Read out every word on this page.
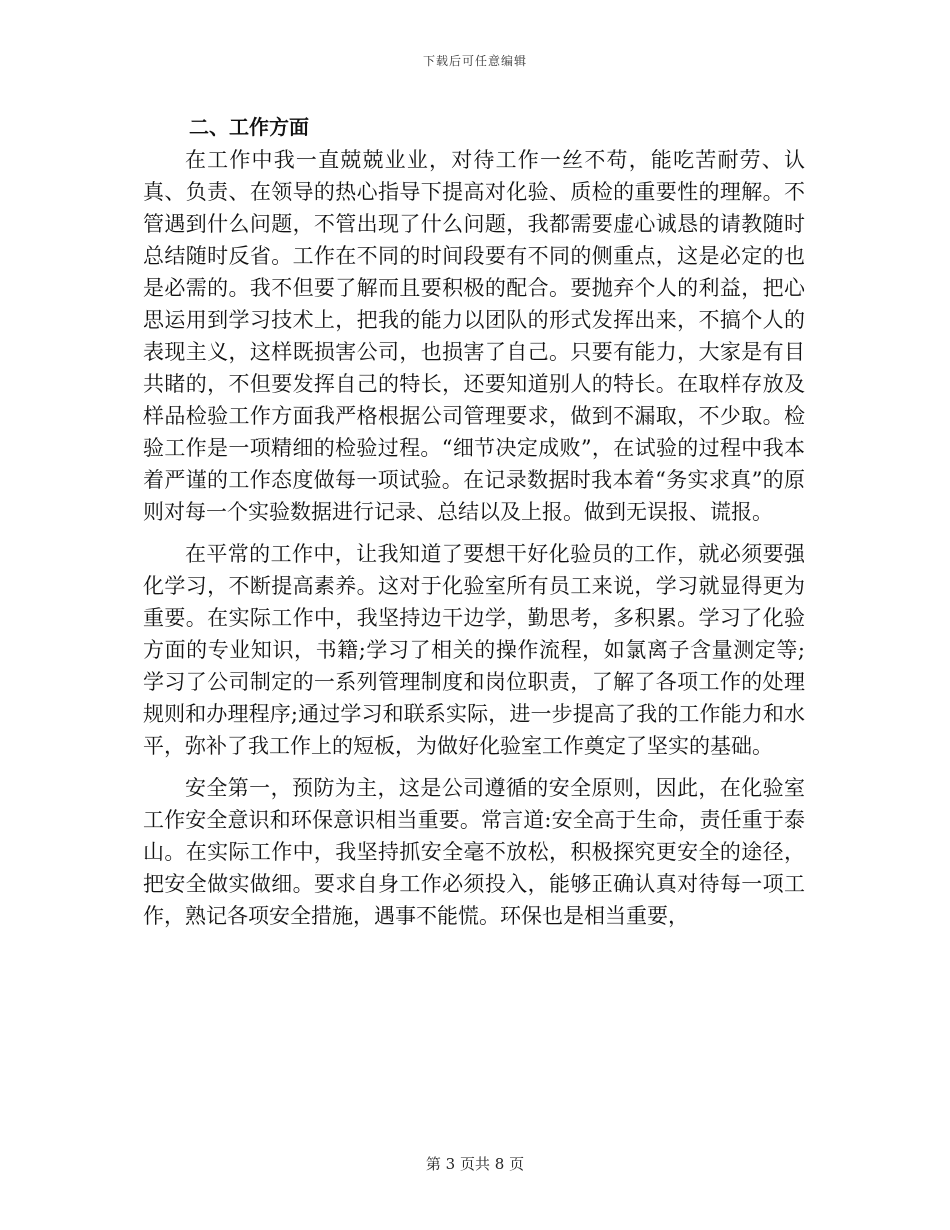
下载后可任意编辑
二、工作方面

在工作中我一直兢兢业业，对待工作一丝不苟，能吃苦耐劳、认真、负责、在领导的热心指导下提高对化验、质检的重要性的理解。不管遇到什么问题，不管出现了什么问题，我都需要虚心诚恳的请教随时总结随时反省。工作在不同的时间段要有不同的侧重点，这是必定的也是必需的。我不但要了解而且要积极的配合。要抛弃个人的利益，把心思运用到学习技术上，把我的能力以团队的形式发挥出来，不搞个人的表现主义，这样既损害公司，也损害了自己。只要有能力，大家是有目共睹的，不但要发挥自己的特长，还要知道别人的特长。在取样存放及样品检验工作方面我严格根据公司管理要求，做到不漏取，不少取。检验工作是一项精细的检验过程。“细节决定成败”，在试验的过程中我本着严谨的工作态度做每一项试验。在记录数据时我本着“务实求真”的原则对每一个实验数据进行记录、总结以及上报。做到无误报、谎报。

在平常的工作中，让我知道了要想干好化验员的工作，就必须要强化学习，不断提高素养。这对于化验室所有员工来说，学习就显得更为重要。在实际工作中，我坚持边干边学，勤思考，多积累。学习了化验方面的专业知识，书籍;学习了相关的操作流程，如氯离子含量测定等;学习了公司制定的一系列管理制度和岗位职责，了解了各项工作的处理规则和办理程序;通过学习和联系实际，进一步提高了我的工作能力和水平，弥补了我工作上的短板，为做好化验室工作奠定了坚实的基础。

安全第一，预防为主，这是公司遵循的安全原则，因此，在化验室工作安全意识和环保意识相当重要。常言道:安全高于生命，责任重于泰山。在实际工作中，我坚持抓安全毫不放松，积极探究更安全的途径，把安全做实做细。要求自身工作必须投入，能够正确认真对待每一项工作，熟记各项安全措施，遇事不能慌。环保也是相当重要，

第 3 页共 8 页
